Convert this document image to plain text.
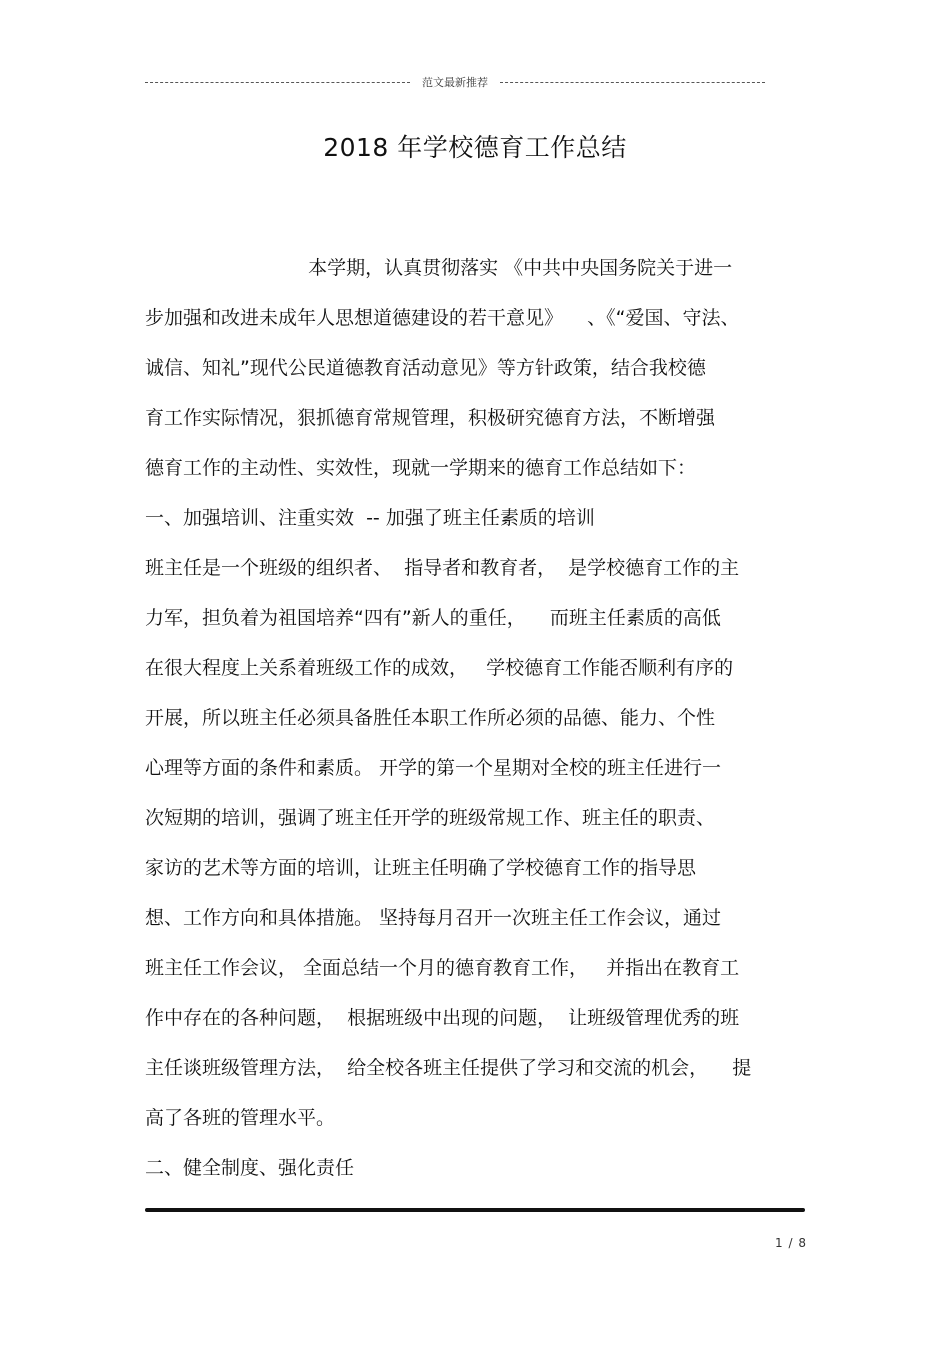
范文最新推荐
2018 年学校德育工作总结
本学期，认真贯彻落实 《中共中央国务院关于进一
步加强和改进未成年人思想道德建设的若干意见》    、《“爱国、守法、
诚信、知礼”现代公民道德教育活动意见》等方针政策，结合我校德
育工作实际情况，狠抓德育常规管理，积极研究德育方法，不断增强
德育工作的主动性、实效性，现就一学期来的德育工作总结如下：
一、加强培训、注重实效  -- 加强了班主任素质的培训
班主任是一个班级的组织者、  指导者和教育者，  是学校德育工作的主
力军，担负着为祖国培养“四有”新人的重任，    而班主任素质的高低
在很大程度上关系着班级工作的成效，   学校德育工作能否顺利有序的
开展，所以班主任必须具备胜任本职工作所必须的品德、能力、个性
心理等方面的条件和素质。 开学的第一个星期对全校的班主任进行一
次短期的培训，强调了班主任开学的班级常规工作、班主任的职责、
家访的艺术等方面的培训，让班主任明确了学校德育工作的指导思
想、工作方向和具体措施。 坚持每月召开一次班主任工作会议，通过
班主任工作会议， 全面总结一个月的德育教育工作，   并指出在教育工
作中存在的各种问题，  根据班级中出现的问题，  让班级管理优秀的班
主任谈班级管理方法，  给全校各班主任提供了学习和交流的机会，    提
高了各班的管理水平。
二、健全制度、强化责任
1 / 8
